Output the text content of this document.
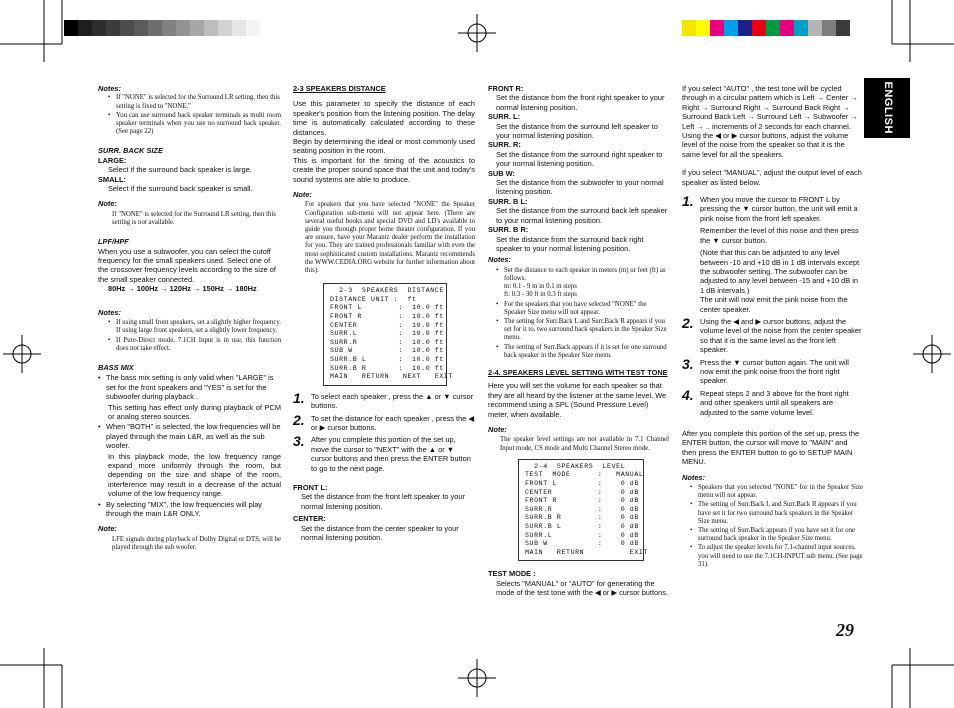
ENGLISH
29

Notes:

• If "NONE" is selected for the Surround LR setting, then this setting is fixed to "NONE."
• You can use surround back speaker terminals as multi room speaker terminals when you use no surround back speaker. (See page 22)

SURR. BACK SIZE

LARGE:

Select if the surround back speaker is large.

SMALL:

Select if the surround back speaker is small.

Note:

If "NONE" is selected for the Surround LR setting, then this setting is not available.

LPF/HPF

When you use a subwoofer, you can select the cutoff frequency for the small speakers used. Select one of the crossover frequency levels according to the size of the small speaker connected.

80Hz → 100Hz → 120Hz → 150Hz → 180Hz

Notes:

• If using small front speakers, set a slightly higher frequency. If using large front speakers, set a slightly lower frequency.
• If Pure-Direct mode, 7.1CH Input is in use, this function does not take effect.

BASS MIX

• The bass mix setting is only valid when "LARGE" is set for the front speakers and "YES" is set for the subwoofer during playback .

This setting has effect only during playback of PCM or analog stereo sources.

• When "BOTH" is selected, the low frequencies will be played through the main L&R, as well as the sub woofer.

In this playback mode, the low frequency range expand more uniformly through the room, but depending on the size and shape of the room, interference may result in a decrease of the actual volume of the low frequency range.

• By selecting "MIX", the low frequencies will play through the main L&R ONLY.

Note:

LFE signals during playback of Dolby Digital or DTS, will be played through the sub woofer.

2-3 SPEAKERS DISTANCE

Use this parameter to specify the distance of each speaker's position from the listening position. The delay time is automatically calculated according to these distances.

Begin by determining the ideal or most commonly used seating position in the room.

This is important for the timing of the acoustics to create the proper sound space that the unit and today's sound systems are able to produce.

Note:

For speakers that you have selected "NONE" the Speaker Configuration sub-menu will not appear here. (There are several useful books and special DVD and LD's available to guide you through proper home theater configuration. If you are unsure, have your Marantz dealer perform the installation for you. They are trained professionals familiar with even the most sophisticated custom installations. Marantz recommends the WWW.CEDIA.ORG website for further information about this).

2-3  SPEAKERS  DISTANCE
DISTANCE UNIT :  ft
FRONT L        :  10.0 ft
FRONT R        :  10.0 ft
CENTER         :  10.0 ft
SURR.L         :  10.0 ft
SURR.R         :  10.0 ft
SUB W          :  10.0 ft
SURR.B L       :  10.0 ft
SURR.B R       :  10.0 ft
MAIN   RETURN   NEXT   EXIT
1. To select each speaker , press the ▲ or ▼ cursor buttons.
2. To set the distance for each speaker , press the ◀ or ▶ cursor buttons.
3. After you complete this portion of the set up, move the cursor to "NEXT" with the ▲ or ▼ cursor buttons and then press the ENTER button to go to the next page.

FRONT L:

Set the distance from the front left speaker to your normal listening position.

CENTER:

Set the distance from the center speaker to your normal listening position.

FRONT R:

Set the distance from the front right speaker to your normal listening position.

SURR. L:

Set the distance from the surround left speaker to your normal listening position.

SURR. R:

Set the distance from the surround right speaker to your normal listening position.

SUB W:

Set the distance from the subwoofer to your normal listening position.

SURR. B L:

Set the distance from the surround back left speaker to your normal listening position.

SURR. B R:

Set the distance from the surround back right speaker to your normal listening position.

Notes:

• Set the distance to each speaker in meters (m) or feet (ft) as follows.
m: 0.1 - 9 m in 0.1 m steps
ft: 0.3 - 30 ft in 0.3 ft steps
• For the speakers that you have selected "NONE" the Speaker Size menu will not appear.
• The setting for Surr.Back L and Surr.Back R appears if you set for it to, two surround back speakers in the Speaker Size menu.
• The setting of Surr.Back appears if it is set for one surround back speaker in the Speaker Size menu.

2-4. SPEAKERS LEVEL SETTING WITH TEST TONE

Here you will set the volume for each speaker so that they are all heard by the listener at the same level. We recommend using a SPL (Sound Pressure Level) meter, when available.

Note:

The speaker level settings are not available in 7.1 Channel Input mode, CS mode and Multi Channel Stereo mode.

2-4  SPEAKERS  LEVEL
TEST  MODE      :   MANUAL
FRONT L         :    0 dB
CENTER          :    0 dB
FRONT R         :    0 dB
SURR.R          :    0 dB
SURR.B R        :    0 dB
SURR.B L        :    0 dB
SURR.L          :    0 dB
SUB W           :    0 dB
MAIN   RETURN          EXIT

TEST MODE :

Selects "MANUAL" or "AUTO" for generating the mode of the test tone with the ◀ or ▶ cursor buttons.

If you select "AUTO" , the test tone will be cycled through in a circular pattern which is Left → Center → Right → Surround Right → Surround Back Right → Surround Back Left → Surround Left → Subwoofer → Left → .. increments of 2 seconds for each channel.

Using the ◀ or ▶ cursor buttons, adjust the volume level of the noise from the speaker so that it is the same level for all the speakers.

If you select "MANUAL", adjust the output level of each speaker as listed below.

1. When you move the cursor to FRONT L by pressing the ▼ cursor button, the unit will emit a pink noise from the front left speaker.

Remember the level of this noise and then press the ▼ cursor button.

(Note that this can be adjusted to any level between -10 and +10 dB in 1 dB intervals except the subwoofer setting. The subwoofer can be adjusted to any level between -15 and +10 dB in 1 dB intervals.)

The unit will now emit the pink noise from the center speaker.

2. Using the ◀ and ▶ cursor buttons, adjust the volume level of the noise from the center speaker so that it is the same level as the front left speaker.
3. Press the ▼ cursor button again. The unit will now emit the pink noise from the front right speaker.
4. Repeat steps 2 and 3 above for the front right and other speakers until all speakers are adjusted to the same volume level.

After you complete this portion of the set up, press the ENTER button, the cursor will move to "MAIN" and then press the ENTER button to go to SETUP MAIN MENU.

Notes:

• Speakers that you selected "NONE" for in the Speaker Size menu will not appear.
• The setting of Surr.Back L and Surr.Back R appears if you have set it for two surround back speakers in the Speaker Size menu.
• The setting of Surr.Back appears if you have set it for one surround back speaker in the Speaker Size menu.
• To adjust the speaker levels for 7.1-channel input sources, you will need to use the 7.1CH-INPUT sub menu. (See page 31).
